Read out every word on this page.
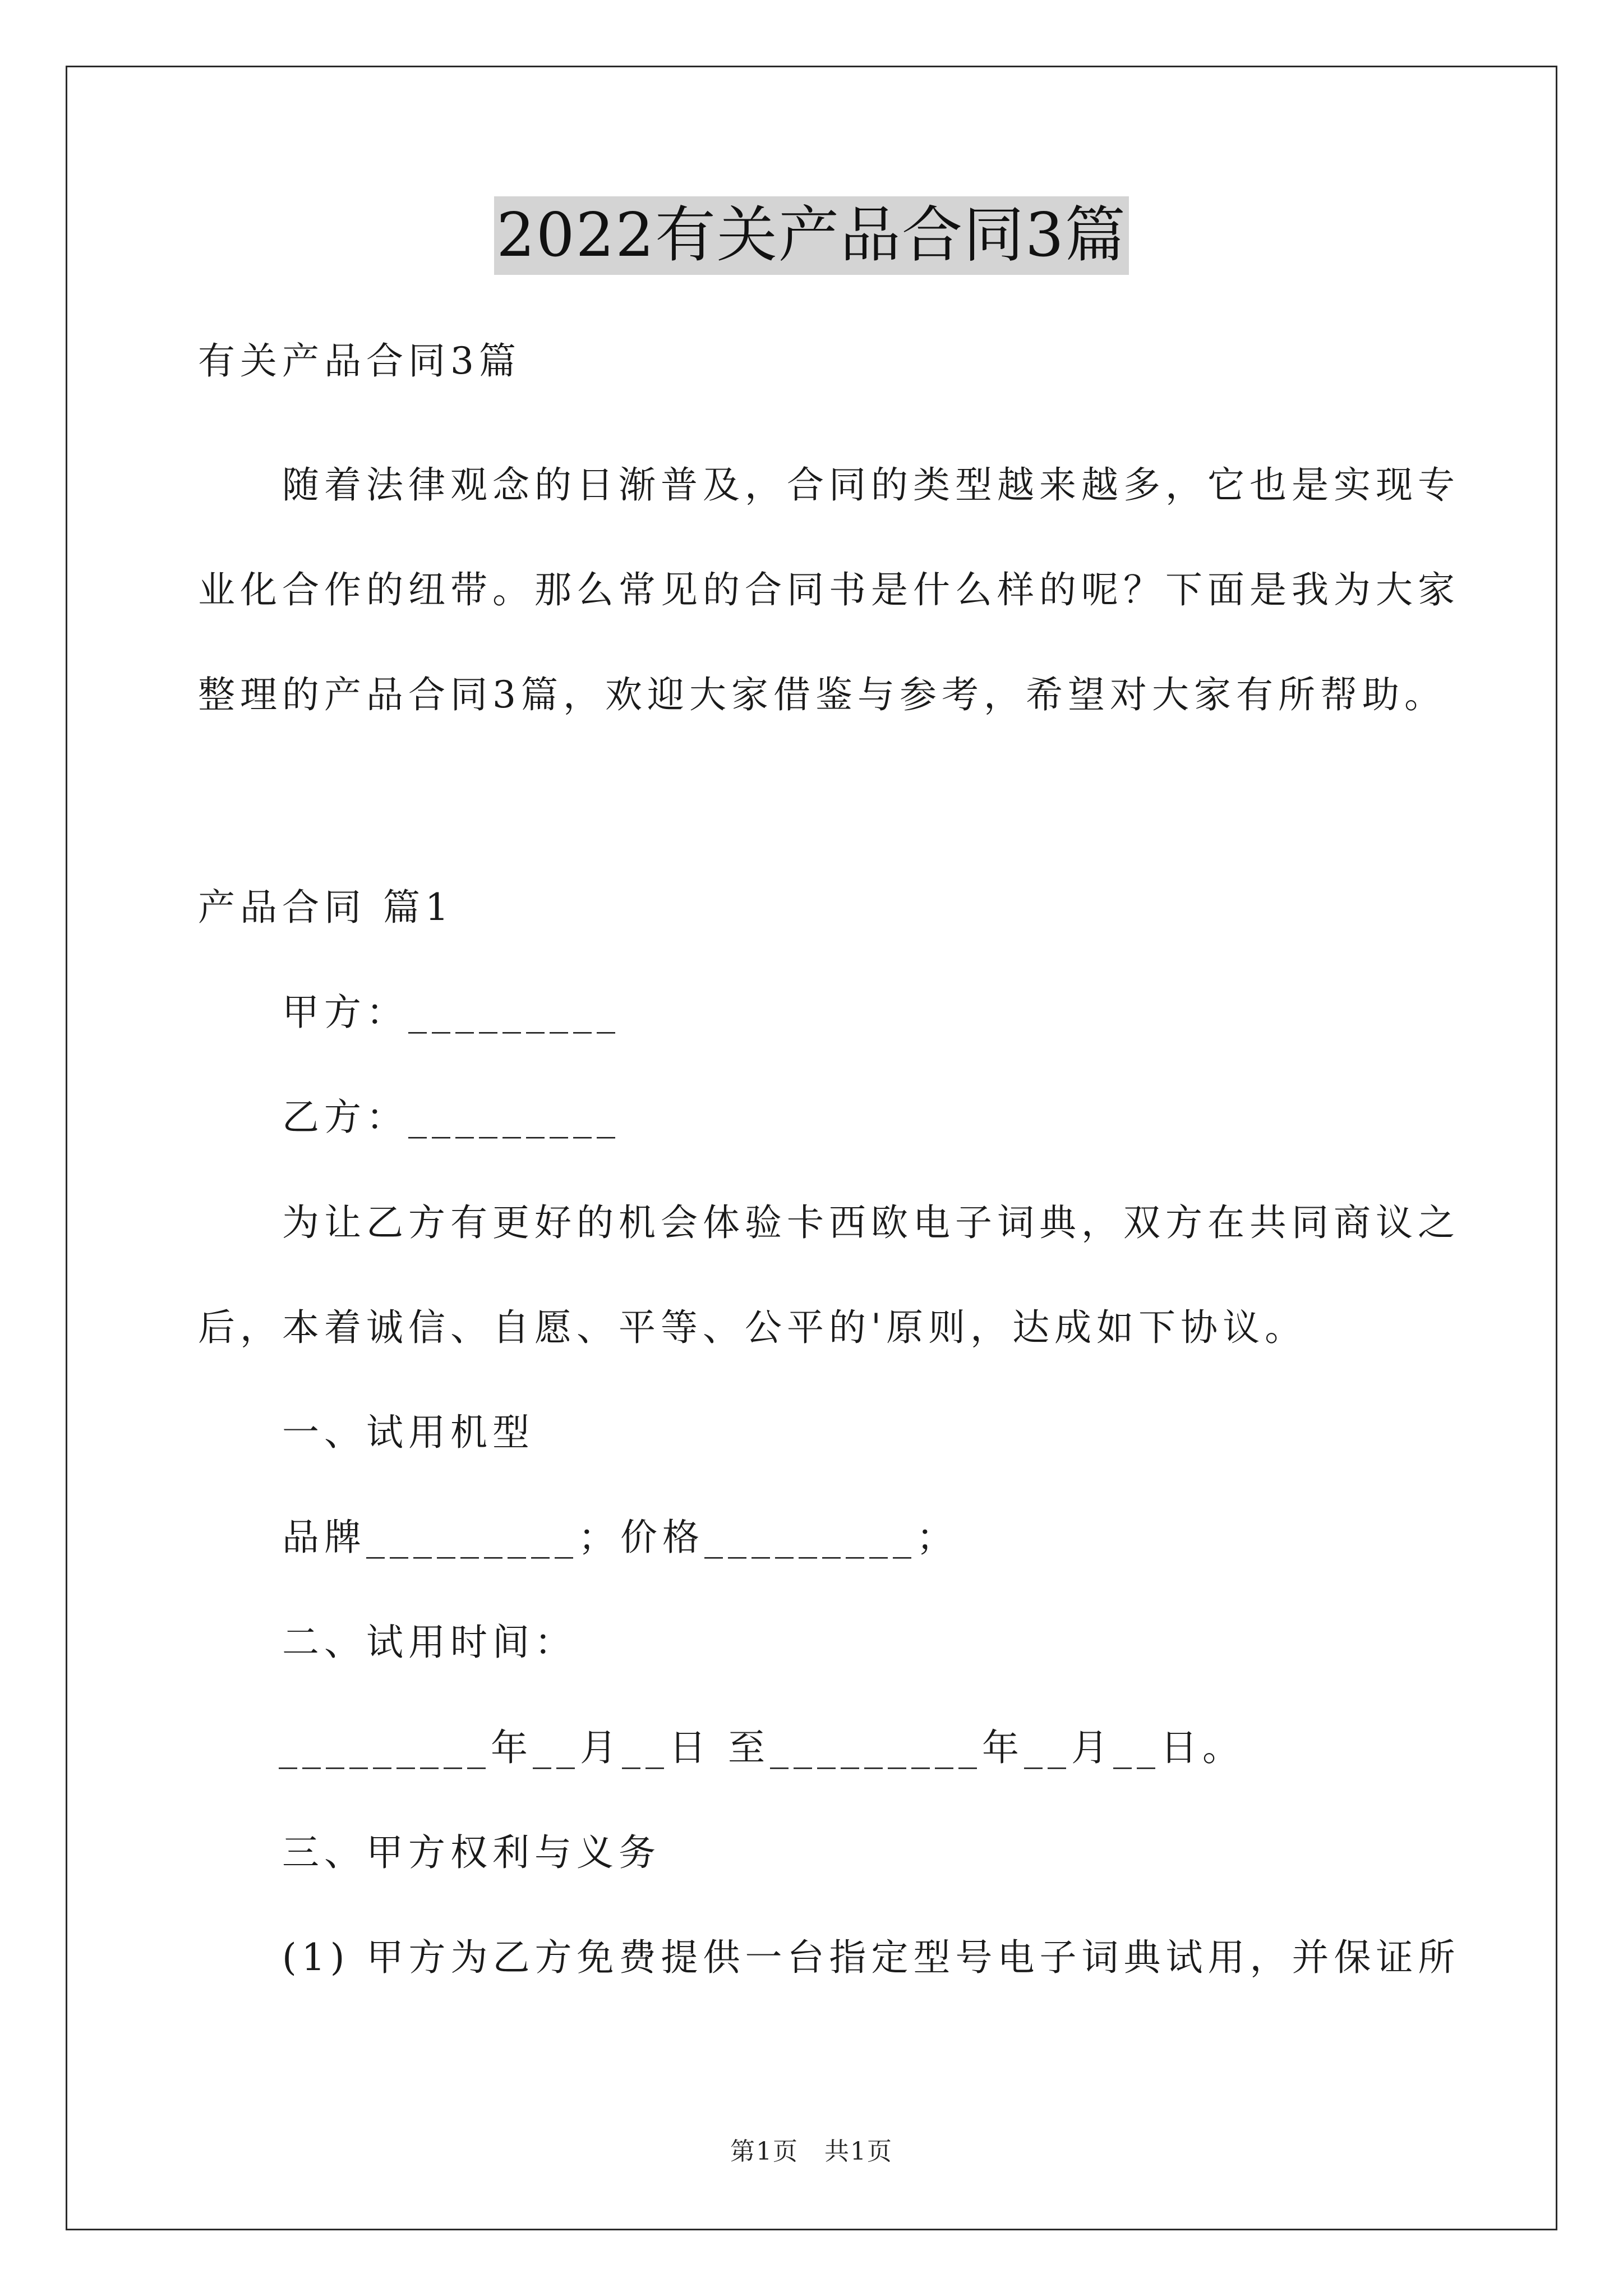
2022有关产品合同3篇
有关产品合同3篇
随着法律观念的日渐普及，合同的类型越来越多，它也是实现专
业化合作的纽带。那么常见的合同书是什么样的呢？下面是我为大家
整理的产品合同3篇，欢迎大家借鉴与参考，希望对大家有所帮助。
产品合同 篇1
甲方：_________
乙方：_________
为让乙方有更好的机会体验卡西欧电子词典，双方在共同商议之
后，本着诚信、自愿、平等、公平的'原则，达成如下协议。
一、试用机型
品牌_________；价格_________；
二、试用时间：
_________年__月__日 至_________年__月__日。
三、甲方权利与义务
(1) 甲方为乙方免费提供一台指定型号电子词典试用，并保证所
第1页　共1页
